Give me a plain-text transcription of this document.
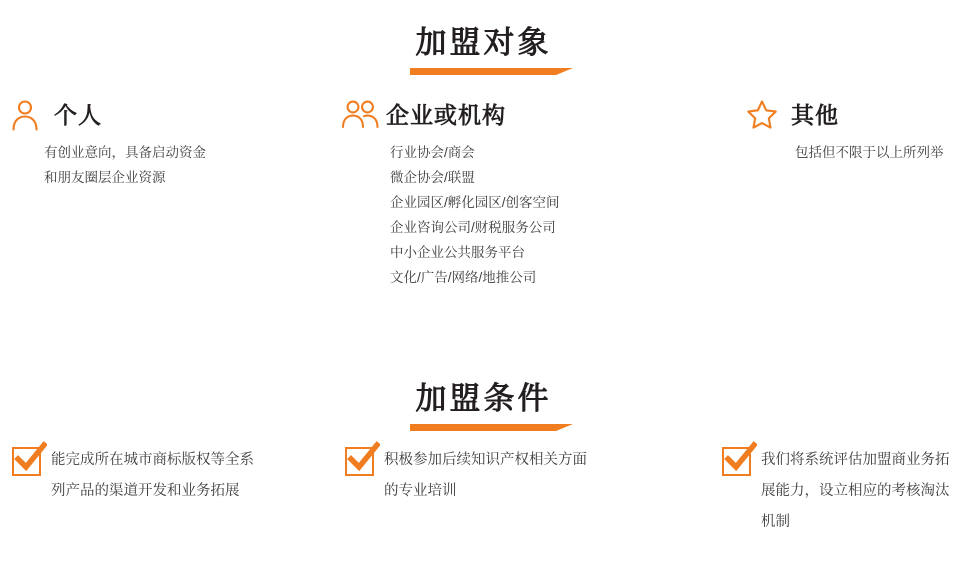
加盟对象
个人
有创业意向，具备启动资金
和朋友圈层企业资源
企业或机构
行业协会/商会
微企协会/联盟
企业园区/孵化园区/创客空间
企业咨询公司/财税服务公司
中小企业公共服务平台
文化/广告/网络/地推公司
其他
包括但不限于以上所列举
加盟条件
能完成所在城市商标版权等全系列产品的渠道开发和业务拓展
积极参加后续知识产权相关方面的专业培训
我们将系统评估加盟商业务拓展能力，设立相应的考核淘汰机制
